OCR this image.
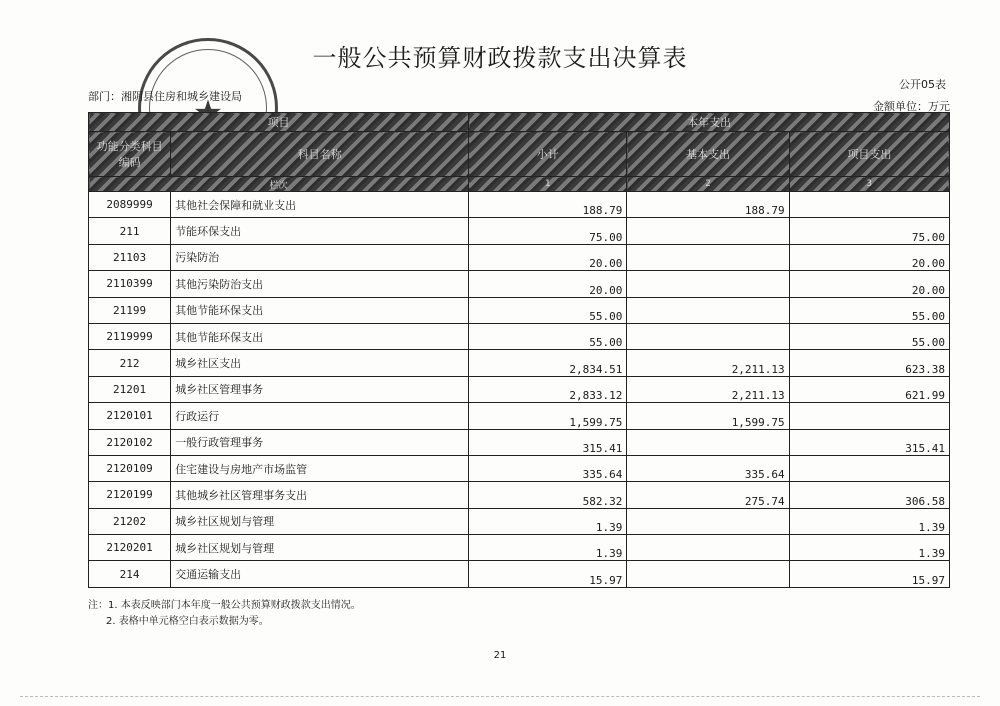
一般公共预算财政拨款支出决算表
公开05表
部门：湘阴县住房和城乡建设局
金额单位：万元
项目		本年支出		
功能分类科目编码	科目名称	小计	基本支出	项目支出
栏次		1	2	3
2089999	其他社会保障和就业支出	188.79	188.79	
211	节能环保支出	75.00		75.00
21103	污染防治	20.00		20.00
2110399	其他污染防治支出	20.00		20.00
21199	其他节能环保支出	55.00		55.00
2119999	其他节能环保支出	55.00		55.00
212	城乡社区支出	2,834.51	2,211.13	623.38
21201	城乡社区管理事务	2,833.12	2,211.13	621.99
2120101	行政运行	1,599.75	1,599.75	
2120102	一般行政管理事务	315.41		315.41
2120109	住宅建设与房地产市场监管	335.64	335.64	
2120199	其他城乡社区管理事务支出	582.32	275.74	306.58
21202	城乡社区规划与管理	1.39		1.39
2120201	城乡社区规划与管理	1.39		1.39
214	交通运输支出	15.97		15.97
注：1. 本表反映部门本年度一般公共预算财政拨款支出情况。
2. 表格中单元格空白表示数据为零。
21
